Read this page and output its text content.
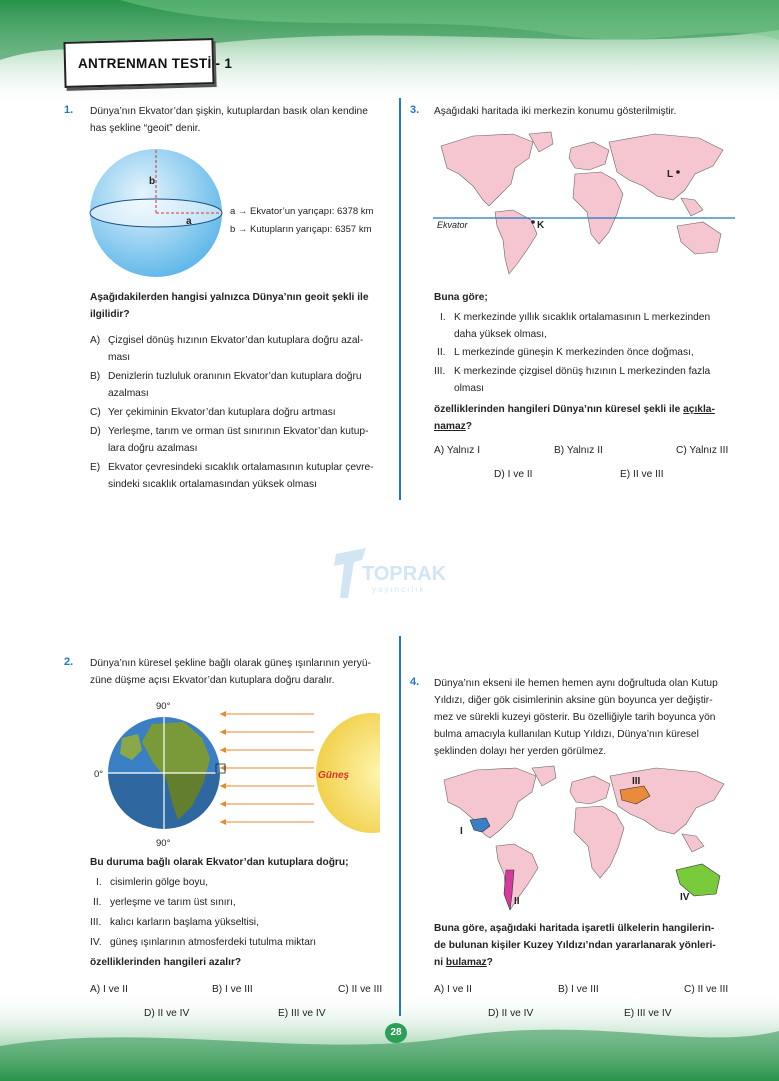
ANTRENMAN TESTİ - 1
1. Dünya’nın Ekvator’dan şişkin, kutuplardan basık olan kendine
has şekline “geoit” denir.
b
a
a → Ekvator’un yarıçapı: 6378 km
b → Kutupların yarıçapı: 6357 km
Aşağıdakilerden hangisi yalnızca Dünya’nın geoit şekli ile
ilgilidir?
A) Çizgisel dönüş hızının Ekvator’dan kutuplara doğru azal-
ması
B) Denizlerin tuzluluk oranının Ekvator’dan kutuplara doğru
azalması
C) Yer çekiminin Ekvator’dan kutuplara doğru artması
D) Yerleşme, tarım ve orman üst sınırının Ekvator’dan kutup-
lara doğru azalması
E) Ekvator çevresindeki sıcaklık ortalamasının kutuplar çevre-
sindeki sıcaklık ortalamasından yüksek olması
3. Aşağıdaki haritada iki merkezin konumu gösterilmiştir.
Ekvator	K
L
Buna göre;
I. K merkezinde yıllık sıcaklık ortalamasının L merkezinden
daha yüksek olması,
II. L merkezinde güneşin K merkezinden önce doğması,
III. K merkezinde çizgisel dönüş hızının L merkezinden fazla
olması
özelliklerinden hangileri Dünya’nın küresel şekli ile açıkla-
namaz?
A) Yalnız I	B) Yalnız II	C) Yalnız III
D) I ve II	E) II ve III
TOPRAK
yayıncılık
2. Dünya’nın küresel şekline bağlı olarak güneş ışınlarının yeryü-
züne düşme açısı Ekvator’dan kutuplara doğru daralır.
Güneş
90°
90°
0°
Bu duruma bağlı olarak Ekvator’dan kutuplara doğru;
I. cisimlerin gölge boyu,
II. yerleşme ve tarım üst sınırı,
III. kalıcı karların başlama yükseltisi,
IV. güneş ışınlarının atmosferdeki tutulma miktarı
özelliklerinden hangileri azalır?
A) I ve II	B) I ve III	C) II ve III
D) II ve IV	E) III ve IV
4. Dünya’nın ekseni ile hemen hemen aynı doğrultuda olan Kutup
Yıldızı, diğer gök cisimlerinin aksine gün boyunca yer değiştir-
mez ve sürekli kuzeyi gösterir. Bu özelliğiyle tarih boyunca yön
bulma amacıyla kullanılan Kutup Yıldızı, Dünya’nın küresel
şeklinden dolayı her yerden görülmez.
I
II
III
IV
Buna göre, aşağıdaki haritada işaretli ülkelerin hangilerin-
de bulunan kişiler Kuzey Yıldızı’ndan yararlanarak yönleri-
ni bulamaz?
A) I ve II	B) I ve III	C) II ve III
D) II ve IV	E) III ve IV
28
